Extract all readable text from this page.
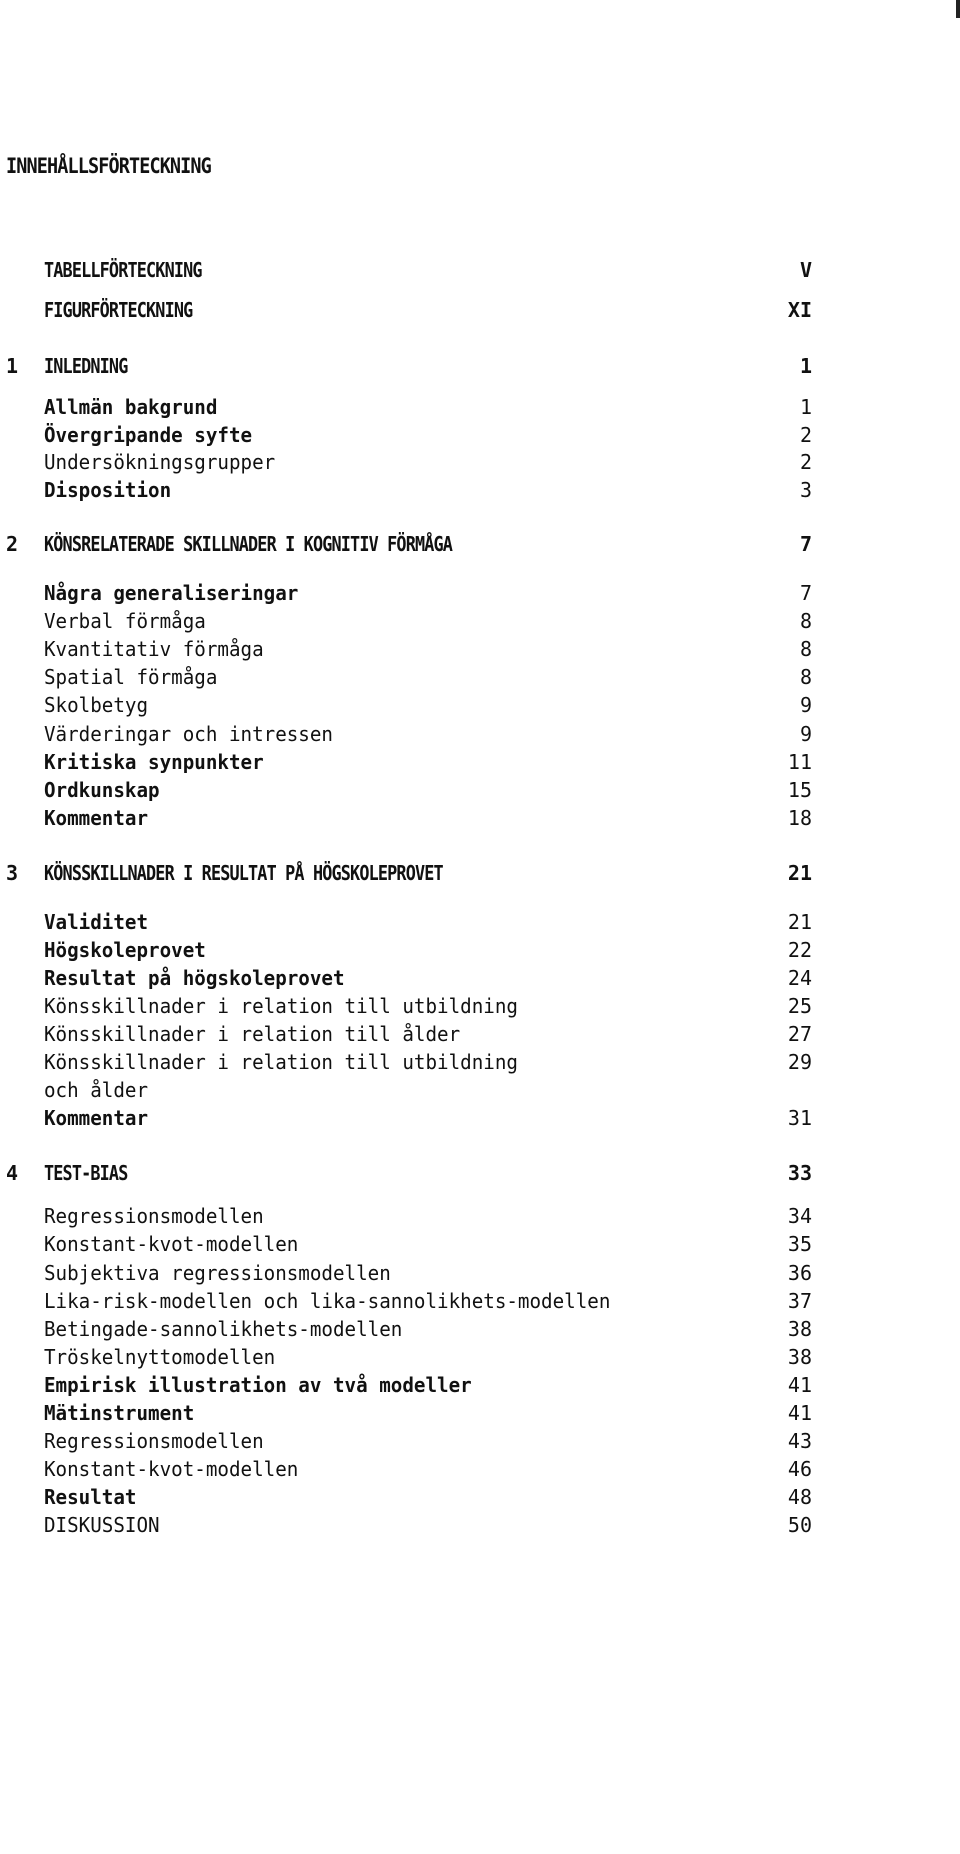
INNEHÅLLSFÖRTECKNING
TABELLFÖRTECKNING	V
FIGURFÖRTECKNING	XI
1 INLEDNING	1
Allmän bakgrund	1
Övergripande syfte	2
Undersökningsgrupper	2
Disposition	3
2 KÖNSRELATERADE SKILLNADER I KOGNITIV FÖRMÅGA	7
Några generaliseringar	7
Verbal förmåga	8
Kvantitativ förmåga	8
Spatial förmåga	8
Skolbetyg	9
Värderingar och intressen	9
Kritiska synpunkter	11
Ordkunskap	15
Kommentar	18
3 KÖNSSKILLNADER I RESULTAT PÅ HÖGSKOLEPROVET	21
Validitet	21
Högskoleprovet	22
Resultat på högskoleprovet	24
Könsskillnader i relation till utbildning	25
Könsskillnader i relation till ålder	27
Könsskillnader i relation till utbildning	29
och ålder
Kommentar	31
4 TEST-BIAS	33
Regressionsmodellen	34
Konstant-kvot-modellen	35
Subjektiva regressionsmodellen	36
Lika-risk-modellen och lika-sannolikhets-modellen	37
Betingade-sannolikhets-modellen	38
Tröskelnyttomodellen	38
Empirisk illustration av två modeller	41
Mätinstrument	41
Regressionsmodellen	43
Konstant-kvot-modellen	46
Resultat	48
DISKUSSION	50
